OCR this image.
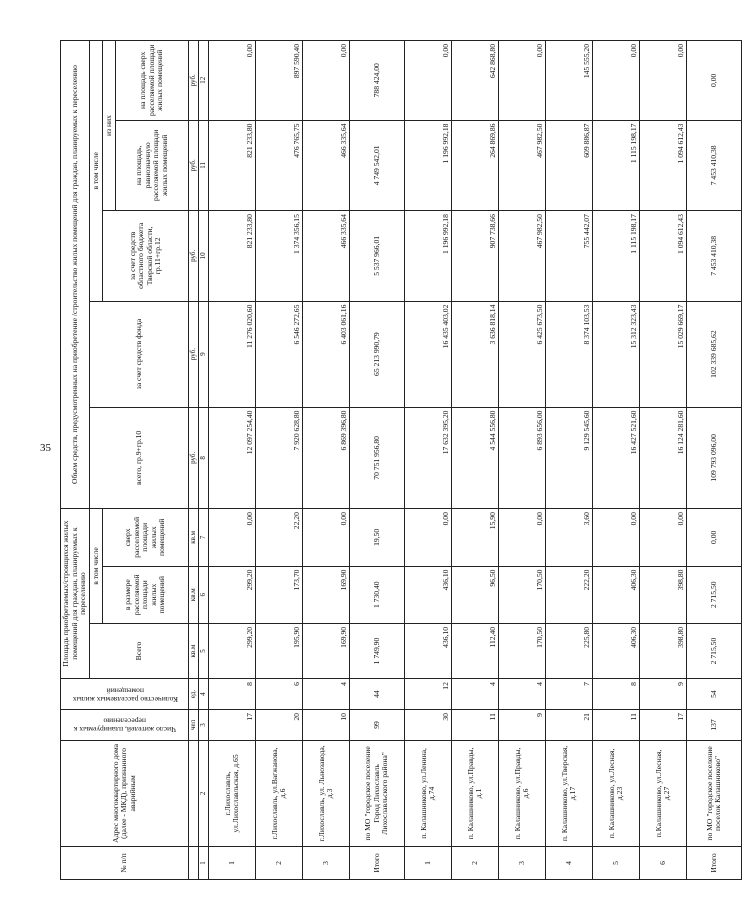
35
№ п/п	Адрес многоквартирного дома (далее - МКД), признанного аварийным	Число жителей, планируемых к переселению	Количество расселяемых жилых помещений	Площадь приобретаемых/строящихся жилых помещений для граждан, планируемых к переселению			Объем средств, предусмотренных на приобретение /строительство жилых помещений для граждан, планируемых к переселению				
				Всего	в том числе		всего, гр.9+гр.10	за счет средств фонда	в том числе		
					в размере расселяемой площади жилых помещений	сверх расселяемой площади жилых помещений			за счет средств областного бюджета Тверской области, гр.11+гр.12	из них	
										на площадь, равнозначную расселяемой площади жилых помещений	на площадь сверх расселяемой площади жилых помещений
		чел	ед.	кв.м	кв.м	кв.м	руб.	руб.	руб.	руб.	руб.
1	2	3	4	5	6	7	8	9	10	11	12
1	г.Лихославль, ул.Лихославльская, д.65	17	8	299,20	299,20	0,00	12 097 254,40	11 276 020,60	821 233,80	821 233,80	0,00
2	г.Лихославль, ул.Вагжанова, д.6	20	6	195,90	173,70	22,20	7 920 628,80	6 546 272,65	1 374 356,15	476 765,75	897 590,40
3	г.Лихославль, ул. Льнозавода, д.3	10	4	169,90	169,90	0,00	6 869 396,80	6 403 061,16	466 335,64	466 335,64	0,00
Итого	по МО "городское поселение Город Лихославль Лихославльского района"	99	44	1 749,90	1 730,40	19,50	70 751 956,80	65 213 990,79	5 537 966,01	4 749 542,01	788 424,00
1	п. Калашниково, ул.Ленина, д.74	30	12	436,10	436,10	0,00	17 632 395,20	16 435 403,02	1 196 992,18	1 196 992,18	0,00
2	п. Калашниково, ул.Правды, д.1	11	4	112,40	96,50	15,90	4 544 556,80	3 636 818,14	907 738,66	264 869,86	642 868,80
3	п. Калашниково, ул.Правды, д.6	9	4	170,50	170,50	0,00	6 893 656,00	6 425 673,50	467 982,50	467 982,50	0,00
4	п. Калашниково, ул.Тверская, д.17	21	7	225,80	222,20	3,60	9 129 545,60	8 374 103,53	755 442,07	609 886,87	145 555,20
5	п. Калашниково, ул.Лесная, д.23	11	8	406,30	406,30	0,00	16 427 521,60	15 312 323,43	1 115 198,17	1 115 198,17	0,00
6	п.Калашниково, ул.Лесная, д.27	17	9	398,80	398,80	0,00	16 124 281,60	15 029 669,17	1 094 612,43	1 094 612,43	0,00
Итого	по МО "городское поселение поселок Калашниково"	137	54	2 715,50	2 715,50	0,00	109 793 096,00	102 339 685,62	7 453 410,38	7 453 410,38	0,00
